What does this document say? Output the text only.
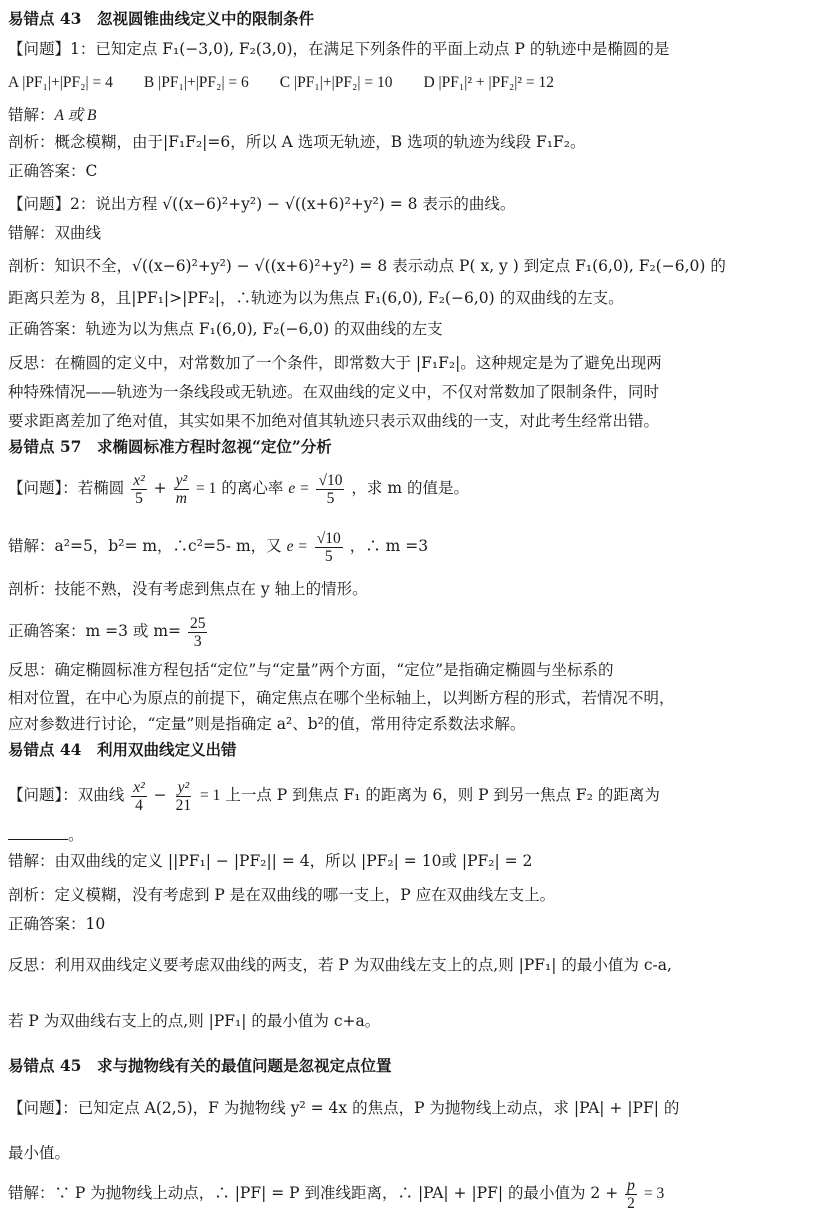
易错点 43　忽视圆锥曲线定义中的限制条件
【问题】1：已知定点 F₁(−3,0), F₂(3,0)，在满足下列条件的平面上动点 P 的轨迹中是椭圆的是
A |PF₁|+|PF₂| = 4　　B |PF₁|+|PF₂| = 6　　C |PF₁|+|PF₂| = 10　　D |PF₁|² + |PF₂|² = 12
错解：A 或 B
剖析：概念模糊，由于|F₁F₂|=6，所以 A 选项无轨迹，B 选项的轨迹为线段 F₁F₂。
正确答案：C
【问题】2：说出方程 √((x−6)²+y²) − √((x+6)²+y²) = 8 表示的曲线。
错解：双曲线
剖析：知识不全，√((x−6)²+y²) − √((x+6)²+y²) = 8 表示动点 P( x, y ) 到定点 F₁(6,0), F₂(−6,0) 的
距离只差为 8，且|PF₁|>|PF₂|，∴轨迹为以为焦点 F₁(6,0), F₂(−6,0) 的双曲线的左支。
正确答案：轨迹为以为焦点 F₁(6,0), F₂(−6,0) 的双曲线的左支
反思：在椭圆的定义中，对常数加了一个条件，即常数大于 |F₁F₂|。这种规定是为了避免出现两
种特殊情况——轨迹为一条线段或无轨迹。在双曲线的定义中，不仅对常数加了限制条件，同时
要求距离差加了绝对值，其实如果不加绝对值其轨迹只表示双曲线的一支，对此考生经常出错。
易错点 57　求椭圆标准方程时忽视“定位”分析
【问题】：若椭圆 $\frac{\text{x²}}{5} + \frac{\text{y²}}{m} = 1$ 的离心率 $e = \frac{√10}{5}$ ，求 m 的值是。
错解：a²=5，b²= m，∴c²=5- m，又 $e = \frac{√10}{5}$ ，∴ m =3
剖析：技能不熟，没有考虑到焦点在 y 轴上的情形。
正确答案：m =3 或 $m= \frac{25}{3}$
反思：确定椭圆标准方程包括“定位”与“定量”两个方面，“定位”是指确定椭圆与坐标系的
相对位置，在中心为原点的前提下，确定焦点在哪个坐标轴上，以判断方程的形式，若情况不明，
应对参数进行讨论，“定量”则是指确定 a²、b²的值，常用待定系数法求解。
易错点 44　利用双曲线定义出错
【问题】：双曲线 $\frac{\text{x²}}{4} - \frac{\text{y²}}{21} = 1$ 上一点 P 到焦点 F₁ 的距离为 6，则 P 到另一焦点 F₂ 的距离为
。
错解：由双曲线的定义 ||PF₁| − |PF₂|| = 4，所以 |PF₂| = 10或 |PF₂| = 2
剖析：定义模糊，没有考虑到 P 是在双曲线的哪一支上，P 应在双曲线左支上。
正确答案：10
反思：利用双曲线定义要考虑双曲线的两支，若 P 为双曲线左支上的点,则 |PF₁| 的最小值为 c-a,
若 P 为双曲线右支上的点,则 |PF₁| 的最小值为 c+a。
易错点 45　求与抛物线有关的最值问题是忽视定点位置
【问题】：已知定点 A(2,5)，F 为抛物线 y² = 4x 的焦点，P 为抛物线上动点，求 |PA| + |PF| 的
最小值。
错解：∵ P 为抛物线上动点，∴ |PF| = P 到准线距离，∴ |PA| + |PF| 的最小值为 $2 + \frac{p}{2} = 3$
